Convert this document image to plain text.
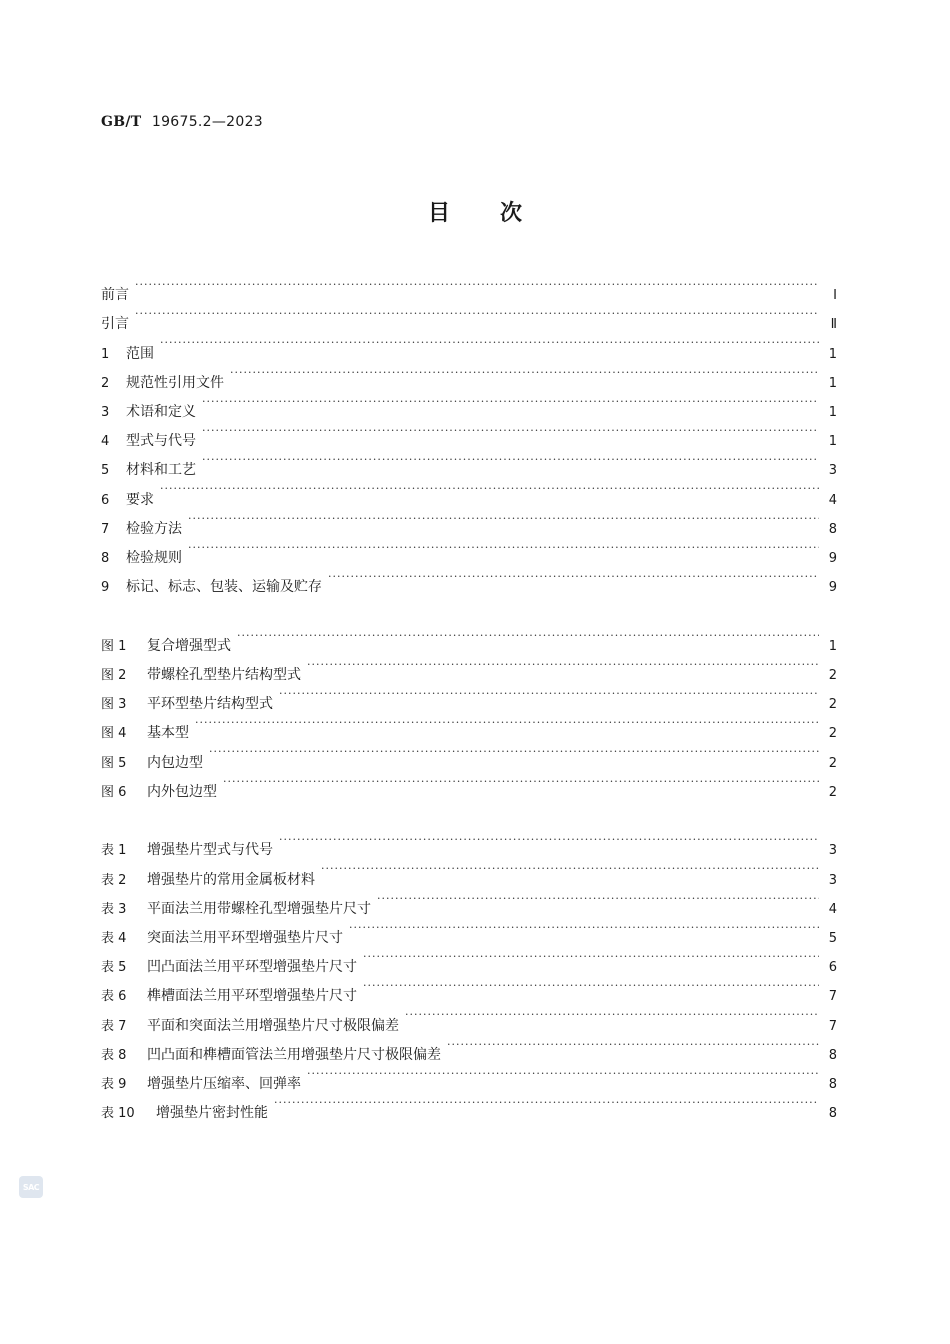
GB/T 19675.2—2023
目次
前言 ·····	Ⅰ
引言 ·····	Ⅱ
1 范围 ·····	1
2 规范性引用文件 ·····	1
3 术语和定义 ·····	1
4 型式与代号 ·····	1
5 材料和工艺 ·····	3
6 要求 ·····	4
7 检验方法 ·····	8
8 检验规则 ·····	9
9 标记、标志、包装、运输及贮存 ·····	9
图 1 复合增强型式 ·····	1
图 2 带螺栓孔型垫片结构型式 ·····	2
图 3 平环型垫片结构型式 ·····	2
图 4 基本型 ·····	2
图 5 内包边型 ·····	2
图 6 内外包边型 ·····	2
表 1 增强垫片型式与代号 ·····	3
表 2 增强垫片的常用金属板材料 ·····	3
表 3 平面法兰用带螺栓孔型增强垫片尺寸 ·····	4
表 4 突面法兰用平环型增强垫片尺寸 ·····	5
表 5 凹凸面法兰用平环型增强垫片尺寸 ·····	6
表 6 榫槽面法兰用平环型增强垫片尺寸 ·····	7
表 7 平面和突面法兰用增强垫片尺寸极限偏差 ·····	7
表 8 凹凸面和榫槽面管法兰用增强垫片尺寸极限偏差 ·····	8
表 9 增强垫片压缩率、回弹率 ·····	8
表 10 增强垫片密封性能 ·····	8
SAC
